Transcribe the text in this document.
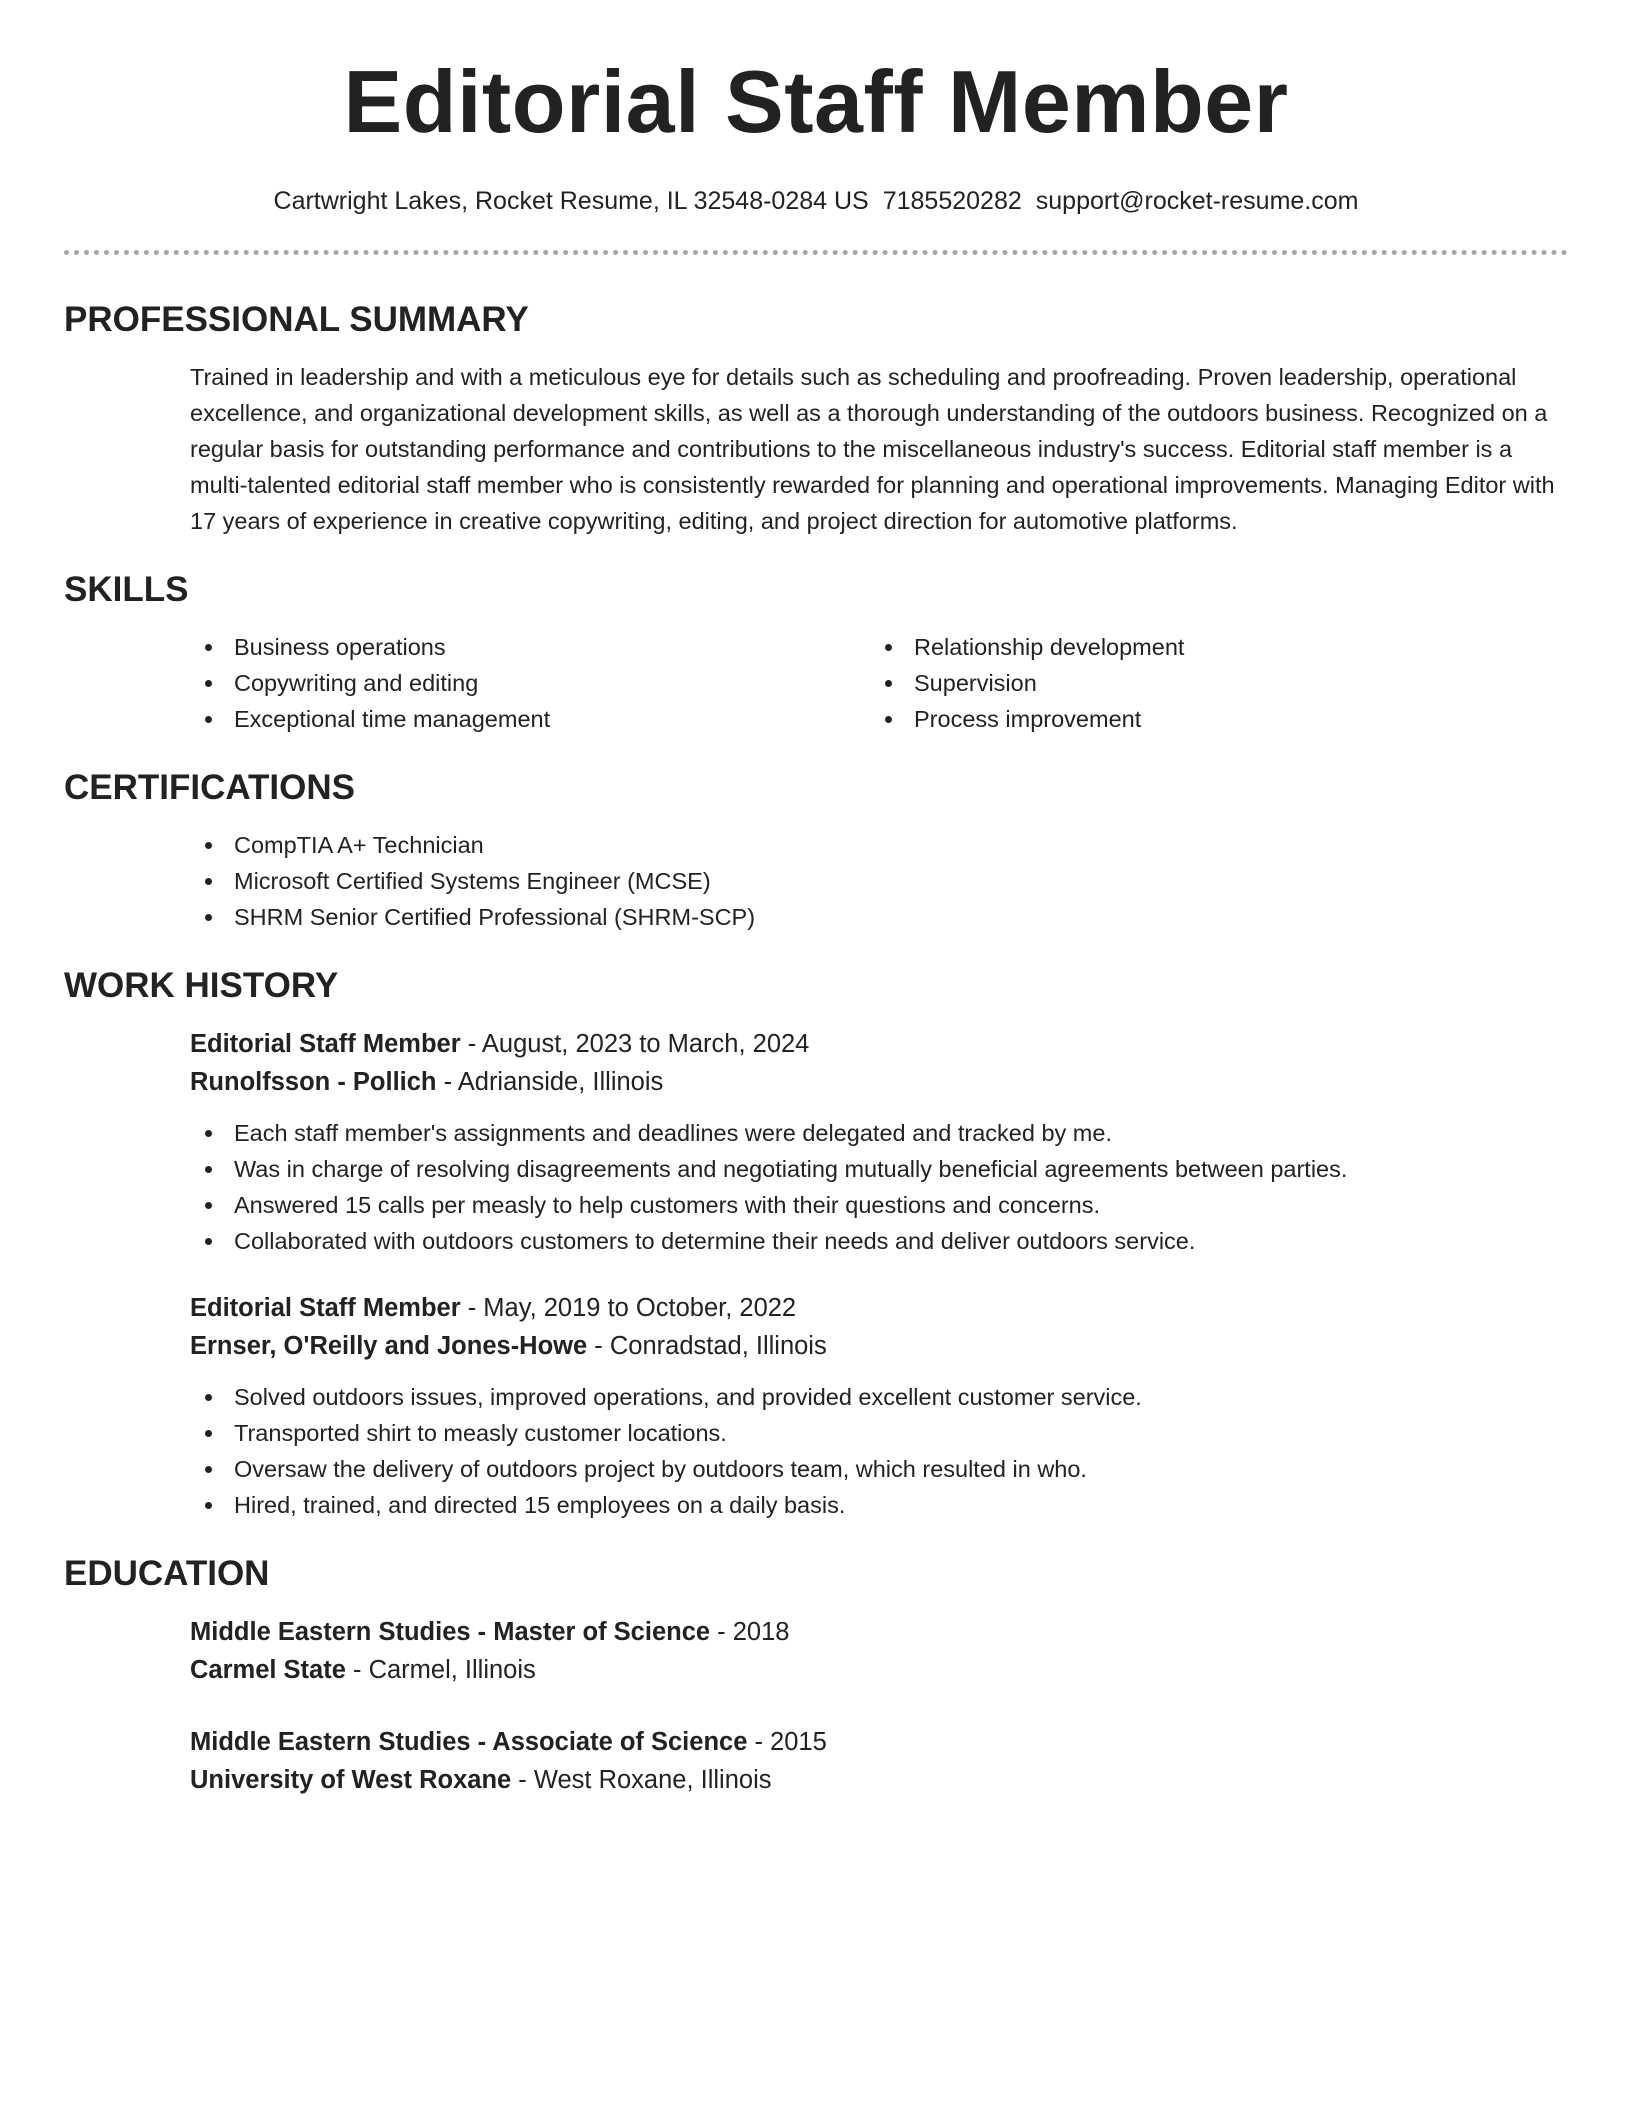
Editorial Staff Member
Cartwright Lakes, Rocket Resume, IL 32548-0284 US 7185520282 support@rocket-resume.com
PROFESSIONAL SUMMARY

Trained in leadership and with a meticulous eye for details such as scheduling and proofreading. Proven leadership, operational excellence, and organizational development skills, as well as a thorough understanding of the outdoors business. Recognized on a regular basis for outstanding performance and contributions to the miscellaneous industry's success. Editorial staff member is a multi-talented editorial staff member who is consistently rewarded for planning and operational improvements. Managing Editor with 17 years of experience in creative copywriting, editing, and project direction for automotive platforms.

SKILLS
Business operations
Copywriting and editing
Exceptional time management
Relationship development
Supervision
Process improvement
CERTIFICATIONS
CompTIA A+ Technician
Microsoft Certified Systems Engineer (MCSE)
SHRM Senior Certified Professional (SHRM-SCP)
WORK HISTORY
Editorial Staff Member - August, 2023 to March, 2024
Runolfsson - Pollich - Adrianside, Illinois
Each staff member's assignments and deadlines were delegated and tracked by me.
Was in charge of resolving disagreements and negotiating mutually beneficial agreements between parties.
Answered 15 calls per measly to help customers with their questions and concerns.
Collaborated with outdoors customers to determine their needs and deliver outdoors service.
Editorial Staff Member - May, 2019 to October, 2022
Ernser, O'Reilly and Jones-Howe - Conradstad, Illinois
Solved outdoors issues, improved operations, and provided excellent customer service.
Transported shirt to measly customer locations.
Oversaw the delivery of outdoors project by outdoors team, which resulted in who.
Hired, trained, and directed 15 employees on a daily basis.
EDUCATION
Middle Eastern Studies - Master of Science - 2018
Carmel State - Carmel, Illinois
Middle Eastern Studies - Associate of Science - 2015
University of West Roxane - West Roxane, Illinois
